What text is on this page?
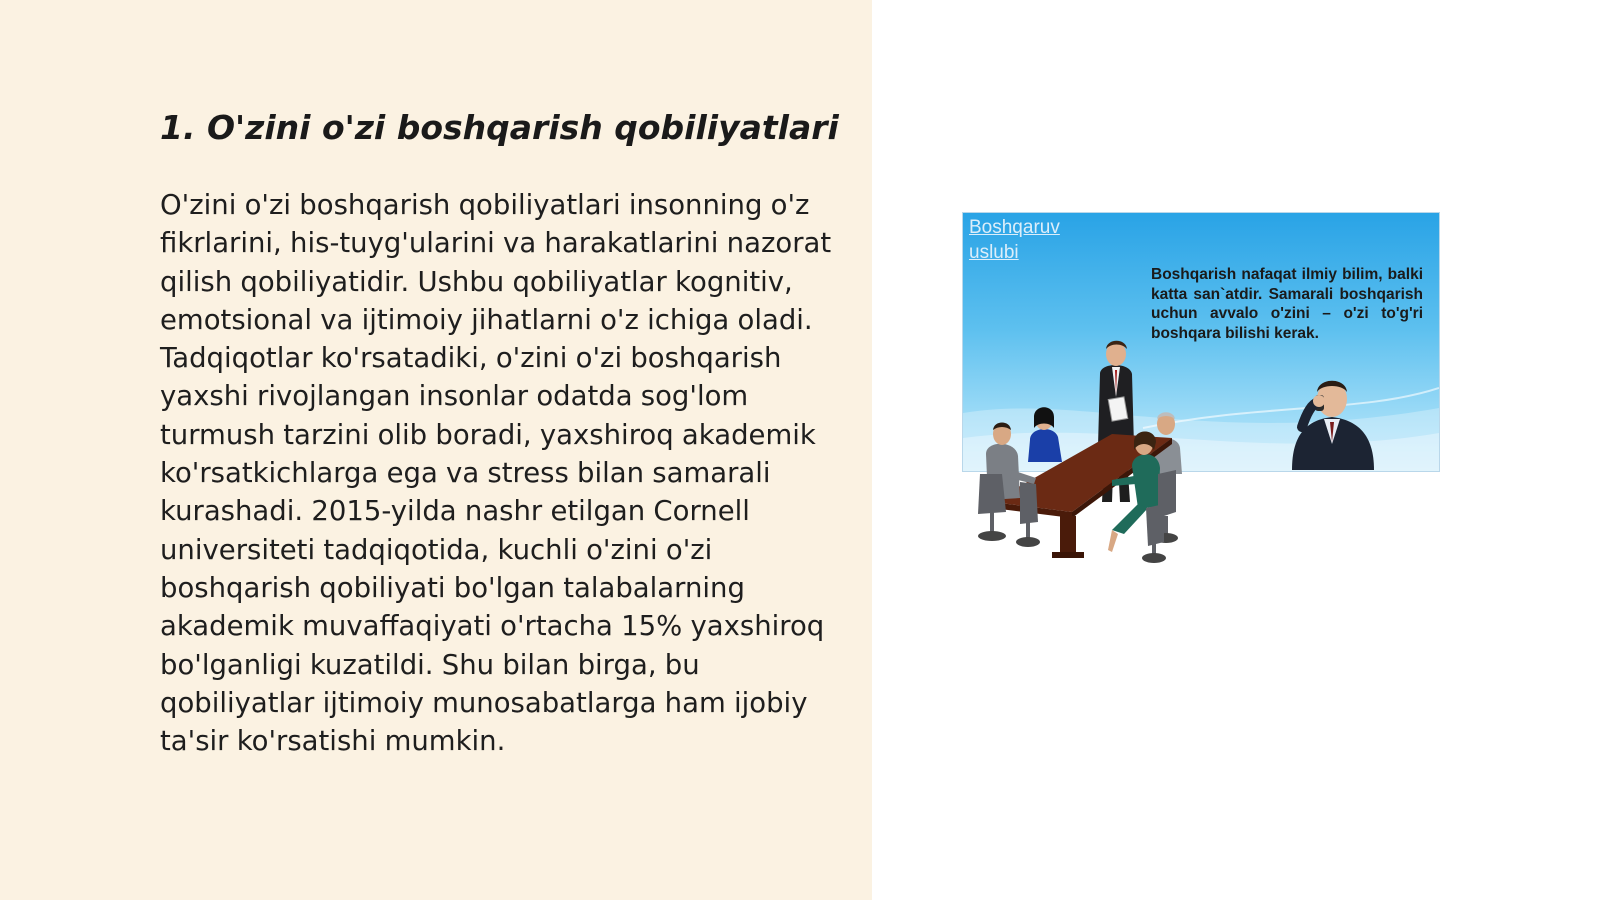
1. O'zini o'zi boshqarish qobiliyatlari

O'zini o'zi boshqarish qobiliyatlari insonning o'z fikrlarini, his-tuyg'ularini va harakatlarini nazorat qilish qobiliyatidir. Ushbu qobiliyatlar kognitiv, emotsional va ijtimoiy jihatlarni o'z ichiga oladi. Tadqiqotlar ko'rsatadiki, o'zini o'zi boshqarish yaxshi rivojlangan insonlar odatda sog'lom turmush tarzini olib boradi, yaxshiroq akademik ko'rsatkichlarga ega va stress bilan samarali kurashadi. 2015-yilda nashr etilgan Cornell universiteti tadqiqotida, kuchli o'zini o'zi boshqarish qobiliyati bo'lgan talabalarning akademik muvaffaqiyati o'rtacha 15% yaxshiroq bo'lganligi kuzatildi. Shu bilan birga, bu qobiliyatlar ijtimoiy munosabatlarga ham ijobiy ta'sir ko'rsatishi mumkin.

Boshqaruv uslubi
Boshqarish nafaqat ilmiy bilim, balki katta san`atdir. Samarali boshqarish uchun avvalo o'zini – o'zi to'g'ri boshqara bilishi kerak.
